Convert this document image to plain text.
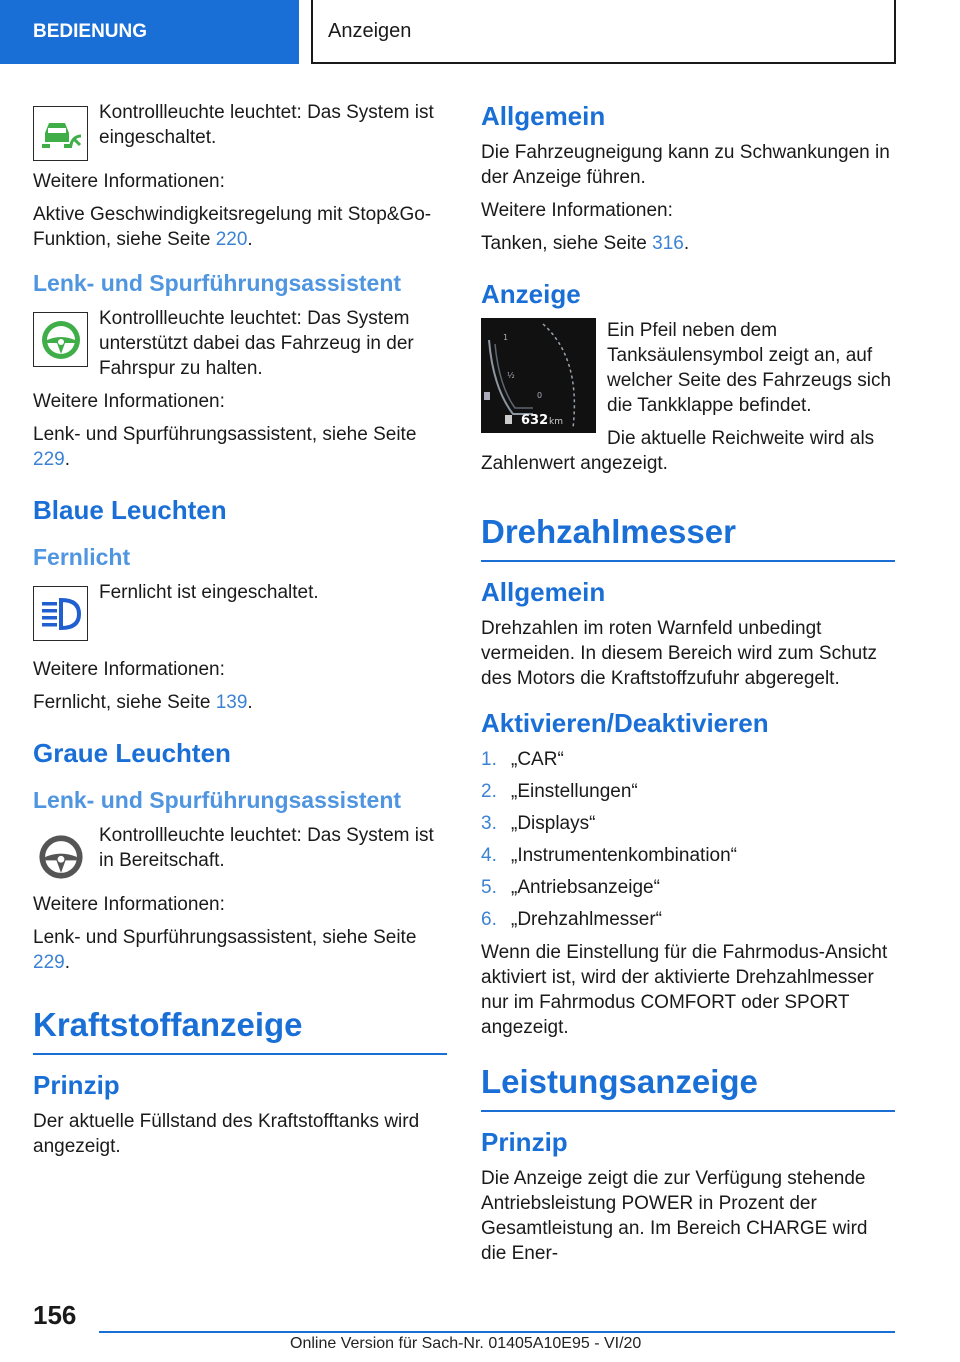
BEDIENUNG	Anzeigen

Kontrollleuchte leuchtet: Das System ist eingeschaltet.

Weitere Informationen:

Aktive Geschwindigkeitsregelung mit Stop&Go-Funktion, siehe Seite 220.

Lenk- und Spurführungsassistent

Kontrollleuchte leuchtet: Das System unterstützt dabei das Fahrzeug in der Fahrspur zu halten.

Weitere Informationen:

Lenk- und Spurführungsassistent, siehe Seite 229.

Blaue Leuchten
Fernlicht

Fernlicht ist eingeschaltet.

Weitere Informationen:

Fernlicht, siehe Seite 139.

Graue Leuchten
Lenk- und Spurführungsassistent

Kontrollleuchte leuchtet: Das System ist in Bereitschaft.

Weitere Informationen:

Lenk- und Spurführungsassistent, siehe Seite 229.

Kraftstoffanzeige
Prinzip

Der aktuelle Füllstand des Kraftstofftanks wird angezeigt.

Allgemein

Die Fahrzeugneigung kann zu Schwankungen in der Anzeige führen.

Weitere Informationen:

Tanken, siehe Seite 316.

Anzeige
1
½
0
632 km

Ein Pfeil neben dem Tanksäulensymbol zeigt an, auf welcher Seite des Fahrzeugs sich die Tankklappe befindet.

Die aktuelle Reichweite wird als Zahlenwert angezeigt.

Drehzahlmesser
Allgemein

Drehzahlen im roten Warnfeld unbedingt vermeiden. In diesem Bereich wird zum Schutz des Motors die Kraftstoffzufuhr abgeregelt.

Aktivieren/Deaktivieren
1. „CAR“
2. „Einstellungen“
3. „Displays“
4. „Instrumentenkombination“
5. „Antriebsanzeige“
6. „Drehzahlmesser“

Wenn die Einstellung für die Fahrmodus-Ansicht aktiviert ist, wird der aktivierte Drehzahlmesser nur im Fahrmodus COMFORT oder SPORT angezeigt.

Leistungsanzeige
Prinzip

Die Anzeige zeigt die zur Verfügung stehende Antriebsleistung POWER in Prozent der Gesamtleistung an. Im Bereich CHARGE wird die Ener-

156
Online Version für Sach-Nr. 01405A10E95 - VI/20
